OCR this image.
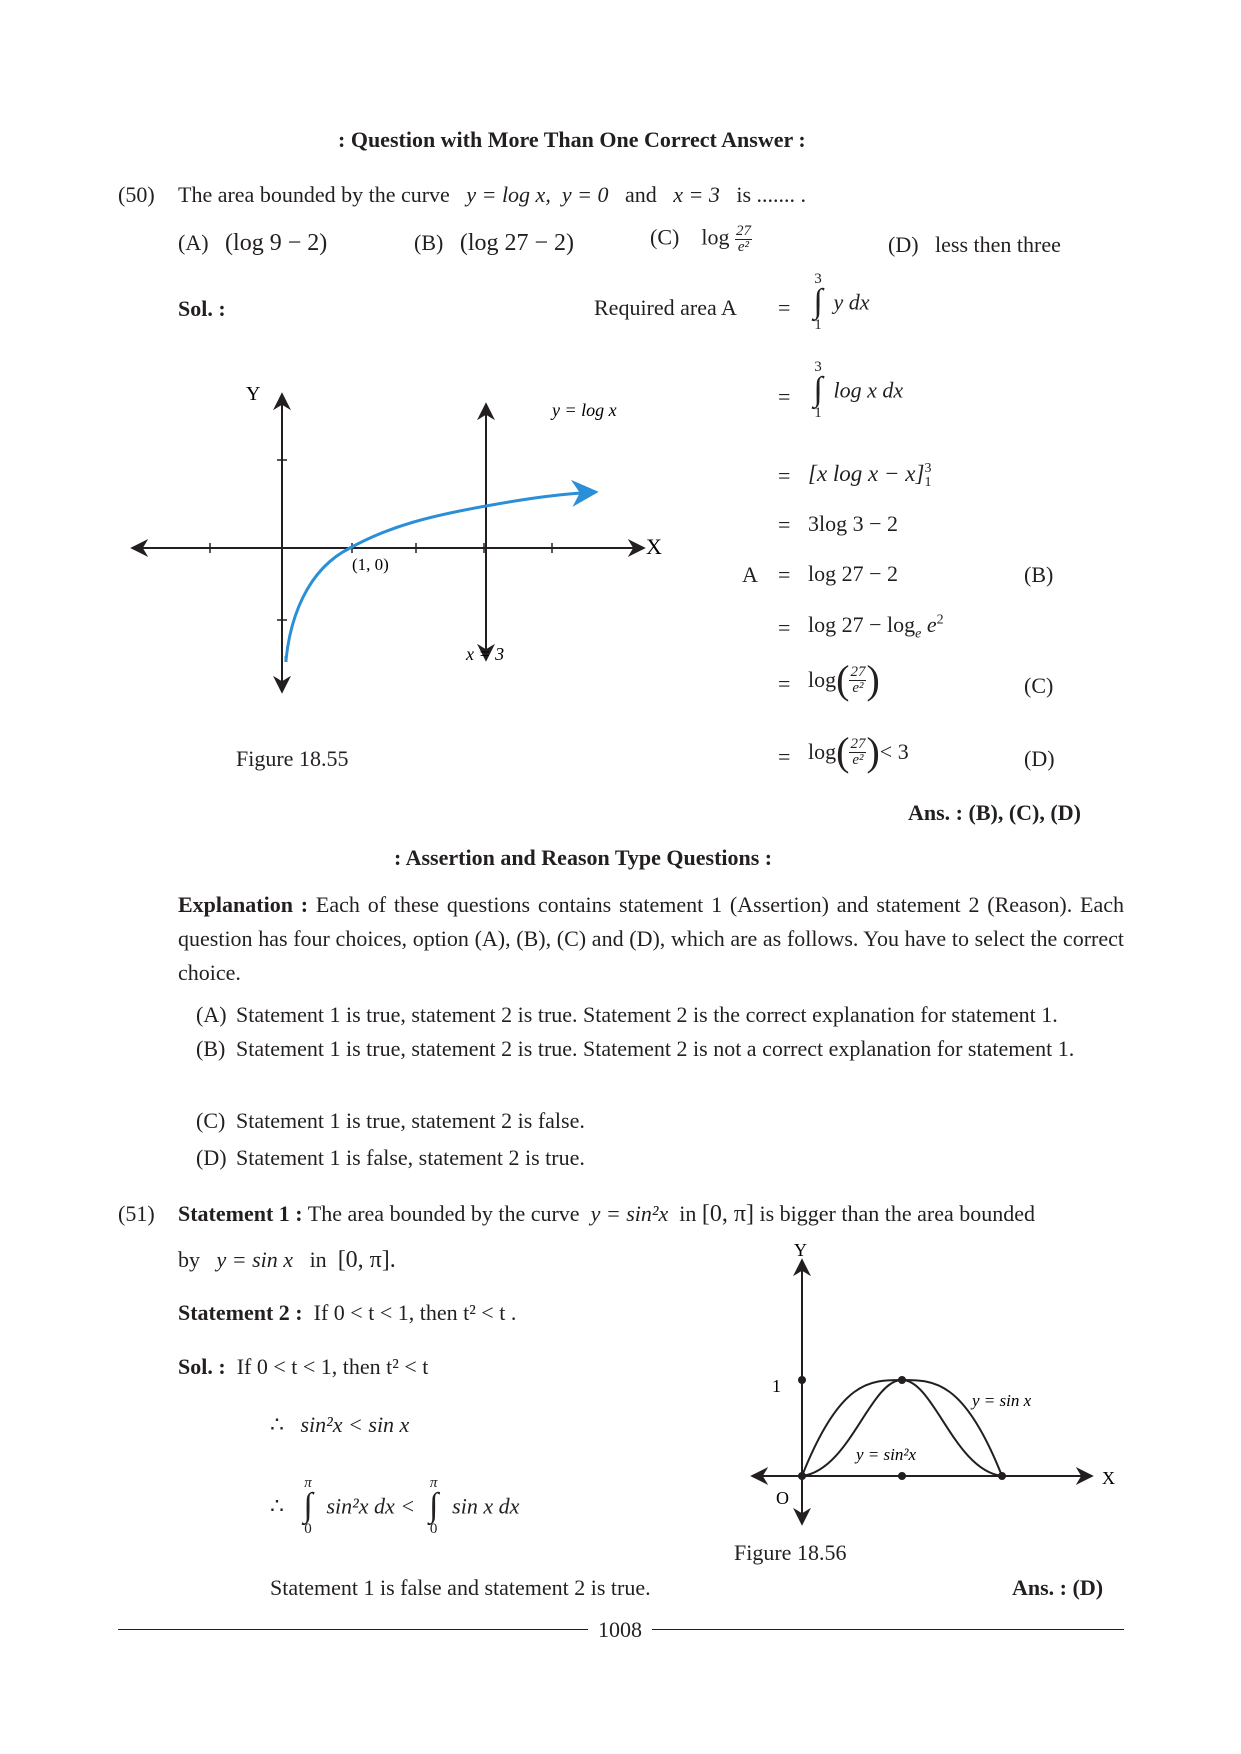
: Question with More Than One Correct Answer :
(50) The area bounded by the curve y = log x, y = 0 and x = 3 is ....... .
(A) (log 9 − 2)	(B) (log 27 − 2)	(C) $\log \frac{27}{\text{e²}}$	(D) less then three
Sol. :	Required area A =
3
∫
1
y dx
=
3
∫
1
log x dx
= [x log x − x] 3
1
= 3log 3 − 2
A = log 27 − 2	(B)
= $\log 27 - \log_e e^2$
= $\log( \frac{27}{\text{e²}}$ )	(C)
= $\log( \frac{27}{\text{e²}}$ )< 3	(D)
Ans. : (B), (C), (D)
Y
X
y = log x
(1, 0)
x = 3
Figure 18.55
: Assertion and Reason Type Questions :
Explanation : Each of these questions contains statement 1 (Assertion) and statement 2 (Reason). Each question has four choices, option (A), (B), (C) and (D), which are as follows. You have to select the correct choice.
(A) Statement 1 is true, statement 2 is true. Statement 2 is the correct explanation for statement 1.
(B) Statement 1 is true, statement 2 is true. Statement 2 is not a correct explanation for statement 1.
(C) Statement 1 is true, statement 2 is false.
(D) Statement 1 is false, statement 2 is true.
(51) Statement 1 : The area bounded by the curve y = sin²x in [0, π] is bigger than the area bounded
by y = sin x in [0, π].
Statement 2 : If 0 < t < 1, then t² < t .
Sol. : If 0 < t < 1, then t² < t
∴ sin²x < sin x
∴
π
∫
0
sin²x dx <
π
∫
0
sin x dx
Statement 1 is false and statement 2 is true.	Ans. : (D)
Y
X
1
O
y = sin x
y = sin²x
Figure 18.56
1008
